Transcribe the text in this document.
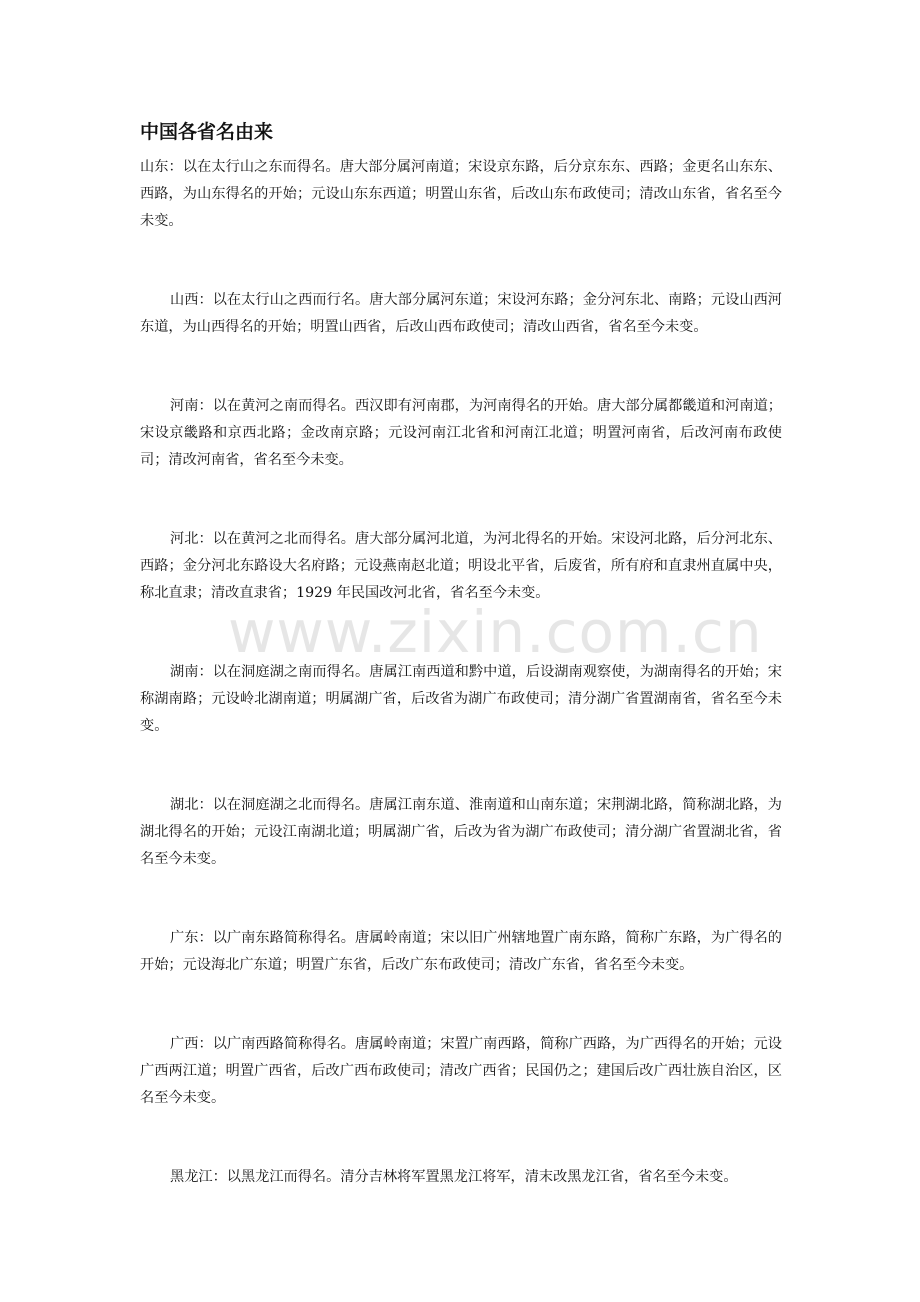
中国各省名由来

山东：以在太行山之东而得名。唐大部分属河南道；宋设京东路，后分京东东、西路；金更名山东东、西路，为山东得名的开始；元设山东东西道；明置山东省，后改山东布政使司；清改山东省，省名至今未变。

山西：以在太行山之西而行名。唐大部分属河东道；宋设河东路；金分河东北、南路；元设山西河东道，为山西得名的开始；明置山西省，后改山西布政使司；清改山西省，省名至今未变。

河南：以在黄河之南而得名。西汉即有河南郡，为河南得名的开始。唐大部分属都畿道和河南道；宋设京畿路和京西北路；金改南京路；元设河南江北省和河南江北道；明置河南省，后改河南布政使司；清改河南省，省名至今未变。

河北：以在黄河之北而得名。唐大部分属河北道，为河北得名的开始。宋设河北路，后分河北东、西路；金分河北东路设大名府路；元设燕南赵北道；明设北平省，后废省，所有府和直隶州直属中央，称北直隶；清改直隶省；1929 年民国改河北省，省名至今未变。

湖南：以在洞庭湖之南而得名。唐属江南西道和黔中道，后设湖南观察使，为湖南得名的开始；宋称湖南路；元设岭北湖南道；明属湖广省，后改省为湖广布政使司；清分湖广省置湖南省，省名至今未变。

湖北：以在洞庭湖之北而得名。唐属江南东道、淮南道和山南东道；宋荆湖北路，简称湖北路，为湖北得名的开始；元设江南湖北道；明属湖广省，后改为省为湖广布政使司；清分湖广省置湖北省，省名至今未变。

广东：以广南东路简称得名。唐属岭南道；宋以旧广州辖地置广南东路，简称广东路，为广得名的开始；元设海北广东道；明置广东省，后改广东布政使司；清改广东省，省名至今未变。

广西：以广南西路简称得名。唐属岭南道；宋置广南西路，简称广西路，为广西得名的开始；元设广西两江道；明置广西省，后改广西布政使司；清改广西省；民国仍之；建国后改广西壮族自治区，区名至今未变。

黑龙江：以黑龙江而得名。清分吉林将军置黑龙江将军，清末改黑龙江省，省名至今未变。

www.zixin.com.cn
